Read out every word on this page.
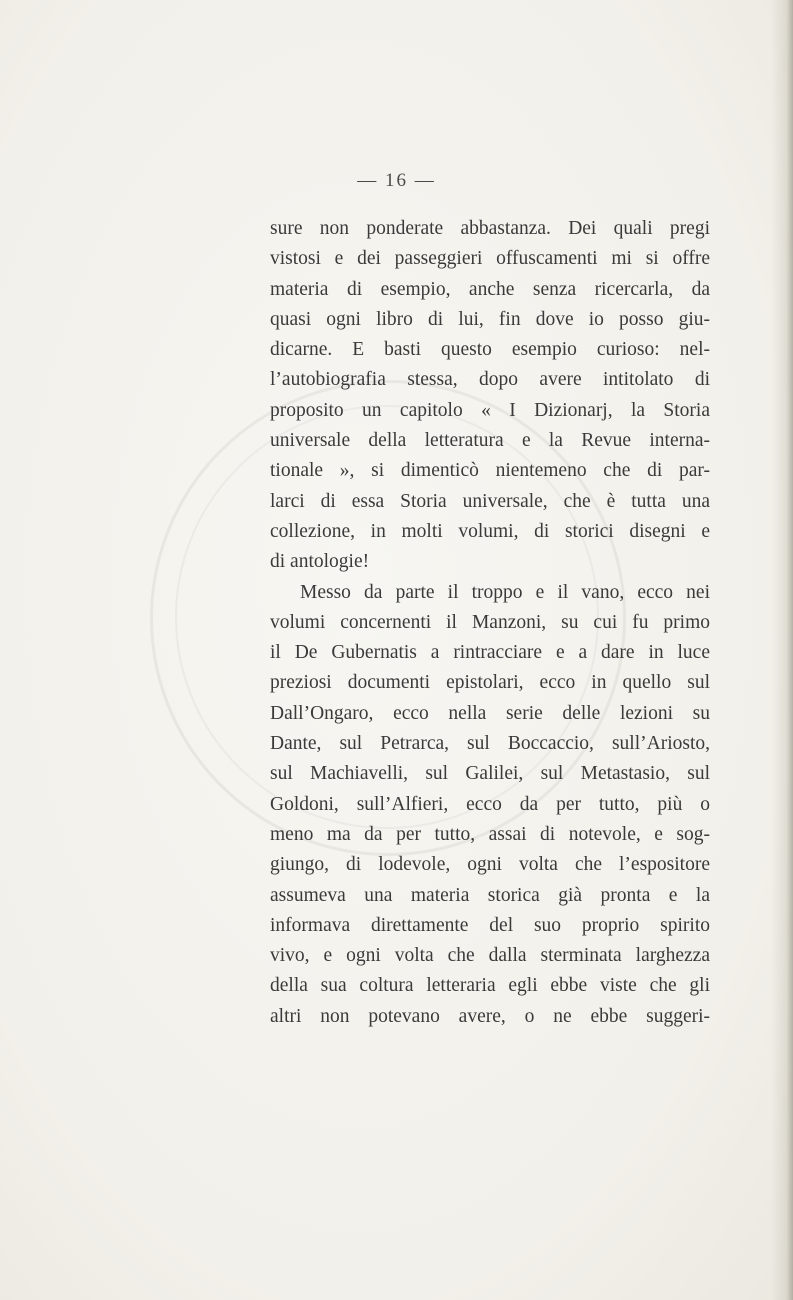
— 16 —
sure non ponderate abbastanza. Dei quali pregi
vistosi e dei passeggieri offuscamenti mi si offre
materia di esempio, anche senza ricercarla, da
quasi ogni libro di lui, fin dove io posso giu-
dicarne. E basti questo esempio curioso: nel-
l’autobiografia stessa, dopo avere intitolato di
proposito un capitolo « I Dizionarj, la Storia
universale della letteratura e la Revue interna-
tionale », si dimenticò nientemeno che di par-
larci di essa Storia universale, che è tutta una
collezione, in molti volumi, di storici disegni e
di antologie!
Messo da parte il troppo e il vano, ecco nei
volumi concernenti il Manzoni, su cui fu primo
il De Gubernatis a rintracciare e a dare in luce
preziosi documenti epistolari, ecco in quello sul
Dall’Ongaro, ecco nella serie delle lezioni su
Dante, sul Petrarca, sul Boccaccio, sull’Ariosto,
sul Machiavelli, sul Galilei, sul Metastasio, sul
Goldoni, sull’Alfieri, ecco da per tutto, più o
meno ma da per tutto, assai di notevole, e sog-
giungo, di lodevole, ogni volta che l’espositore
assumeva una materia storica già pronta e la
informava direttamente del suo proprio spirito
vivo, e ogni volta che dalla sterminata larghezza
della sua coltura letteraria egli ebbe viste che gli
altri non potevano avere, o ne ebbe suggeri-
